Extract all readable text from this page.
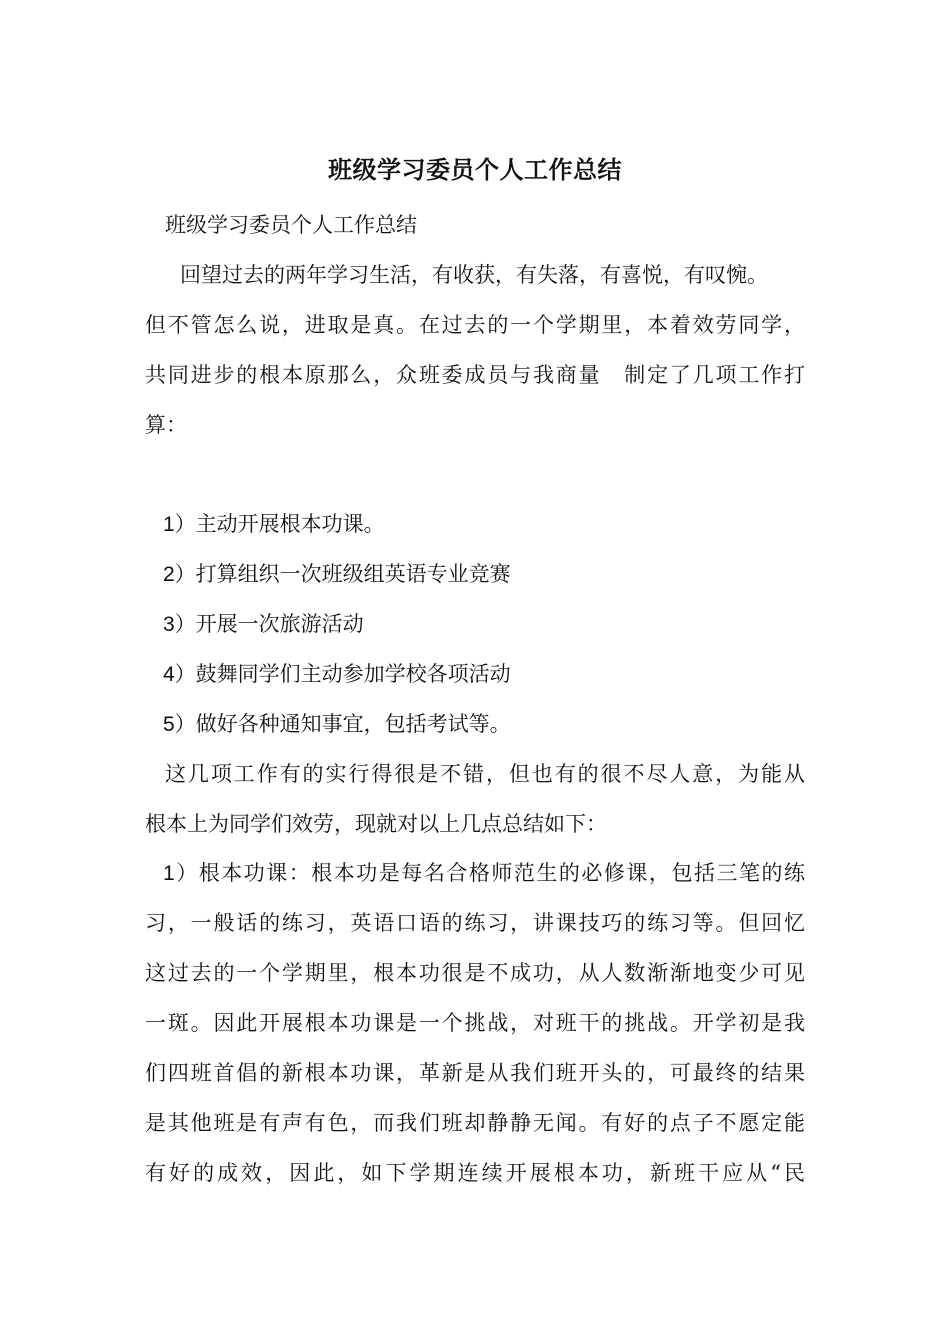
班级学习委员个人工作总结
班级学习委员个人工作总结
回望过去的两年学习生活，有收获，有失落，有喜悦，有叹惋。
但不管怎么说，进取是真。在过去的一个学期里，本着效劳同学，
共同进步的根本原那么，众班委成员与我商量　制定了几项工作打
算：
1）主动开展根本功课。
2）打算组织一次班级组英语专业竞赛
3）开展一次旅游活动
4）鼓舞同学们主动参加学校各项活动
5）做好各种通知事宜，包括考试等。
这几项工作有的实行得很是不错，但也有的很不尽人意，为能从
根本上为同学们效劳，现就对以上几点总结如下：
1）根本功课：根本功是每名合格师范生的必修课，包括三笔的练
习，一般话的练习，英语口语的练习，讲课技巧的练习等。但回忆
这过去的一个学期里，根本功很是不成功，从人数渐渐地变少可见
一斑。因此开展根本功课是一个挑战，对班干的挑战。开学初是我
们四班首倡的新根本功课，革新是从我们班开头的，可最终的结果
是其他班是有声有色，而我们班却静静无闻。有好的点子不愿定能
有好的成效，因此，如下学期连续开展根本功，新班干应从“民
